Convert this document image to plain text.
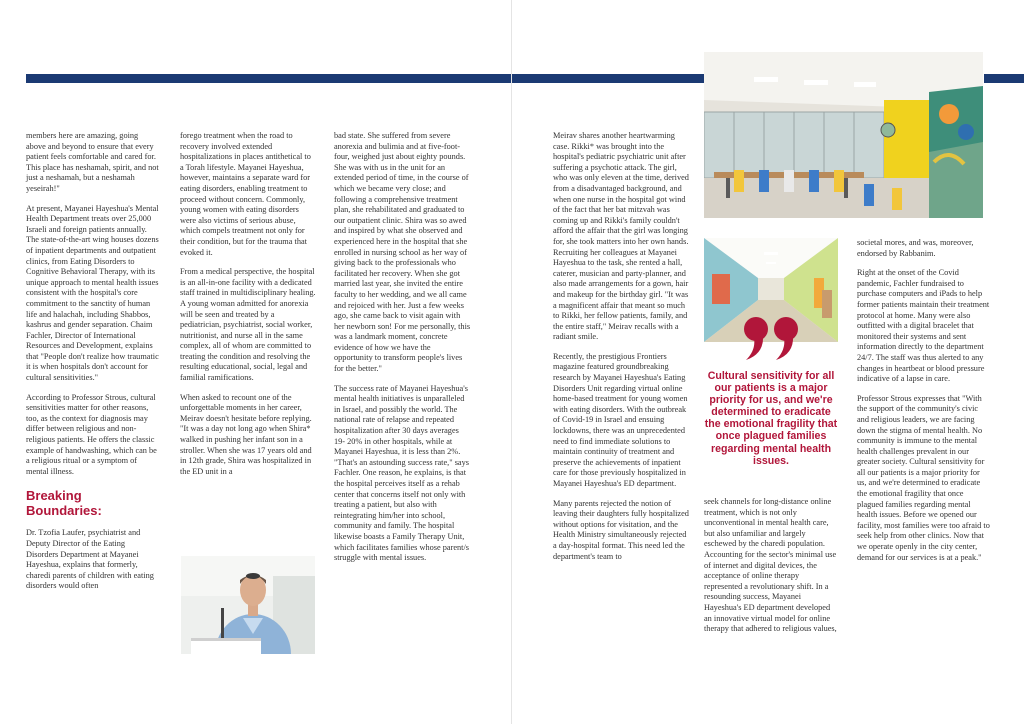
members here are amazing, going above and beyond to ensure that every patient feels comfortable and cared for. This place has neshamah, spirit, and not just a neshamah, but a neshamah yeseirah!"

At present, Mayanei Hayeshua's Mental Health Department treats over 25,000 Israeli and foreign patients annually. The state-of-the-art wing houses dozens of inpatient departments and outpatient clinics, from Eating Disorders to Cognitive Behavioral Therapy, with its unique approach to mental health issues consistent with the hospital's core commitment to the sanctity of human life and halachah, including Shabbos, kashrus and gender separation. Chaim Fachler, Director of International Resources and Development, explains that "People don't realize how traumatic it is when hospitals don't account for cultural sensitivities."

According to Professor Strous, cultural sensitivities matter for other reasons, too, as the context for diagnosis may differ between religious and non-religious patients. He offers the classic example of handwashing, which can be a religious ritual or a symptom of mental illness.

Breaking Boundaries:

Dr. Tzofia Laufer, psychiatrist and Deputy Director of the Eating Disorders Department at Mayanei Hayeshua, explains that formerly, charedi parents of children with eating disorders would often

forego treatment when the road to recovery involved extended hospitalizations in places antithetical to a Torah lifestyle. Mayanei Hayeshua, however, maintains a separate ward for eating disorders, enabling treatment to proceed without concern. Commonly, young women with eating disorders were also victims of serious abuse, which compels treatment not only for their condition, but for the trauma that evoked it.

From a medical perspective, the hospital is an all-in-one facility with a dedicated staff trained in multidisciplinary healing. A young woman admitted for anorexia will be seen and treated by a pediatrician, psychiatrist, social worker, nutritionist, and nurse all in the same complex, all of whom are committed to treating the condition and resolving the resulting educational, social, legal and familial ramifications.

When asked to recount one of the unforgettable moments in her career, Meirav doesn't hesitate before replying. "It was a day not long ago when Shira* walked in pushing her infant son in a stroller. When she was 17 years old and in 12th grade, Shira was hospitalized in the ED unit in a

bad state. She suffered from severe anorexia and bulimia and at five-foot-four, weighed just about eighty pounds. She was with us in the unit for an extended period of time, in the course of which we became very close; and following a comprehensive treatment plan, she rehabilitated and graduated to our outpatient clinic. Shira was so awed and inspired by what she observed and experienced here in the hospital that she enrolled in nursing school as her way of giving back to the professionals who facilitated her recovery. When she got married last year, she invited the entire faculty to her wedding, and we all came and rejoiced with her. Just a few weeks ago, she came back to visit again with her newborn son! For me personally, this was a landmark moment, concrete evidence of how we have the opportunity to transform people's lives for the better."

The success rate of Mayanei Hayeshua's mental health initiatives is unparalleled in Israel, and possibly the world. The national rate of relapse and repeated hospitalization after 30 days averages 19- 20% in other hospitals, while at Mayanei Hayeshua, it is less than 2%. "That's an astounding success rate," says Fachler. One reason, he explains, is that the hospital perceives itself as a rehab center that concerns itself not only with treating a patient, but also with reintegrating him/her into school, community and family. The hospital likewise boasts a Family Therapy Unit, which facilitates families whose parent/s struggle with mental issues.

Meirav shares another heartwarming case. Rikki* was brought into the hospital's pediatric psychiatric unit after suffering a psychotic attack. The girl, who was only eleven at the time, derived from a disadvantaged background, and when one nurse in the hospital got wind of the fact that her bat mitzvah was coming up and Rikki's family couldn't afford the affair that the girl was longing for, she took matters into her own hands. Recruiting her colleagues at Mayanei Hayeshua to the task, she rented a hall, caterer, musician and party-planner, and also made arrangements for a gown, hair and makeup for the birthday girl. "It was a magnificent affair that meant so much to Rikki, her fellow patients, family, and the entire staff," Meirav recalls with a radiant smile.

Recently, the prestigious Frontiers magazine featured groundbreaking research by Mayanei Hayeshua's Eating Disorders Unit regarding virtual online home-based treatment for young women with eating disorders. With the outbreak of Covid-19 in Israel and ensuing lockdowns, there was an unprecedented need to find immediate solutions to maintain continuity of treatment and preserve the achievements of inpatient care for those previously hospitalized in Mayanei Hayeshua's ED department.

Many parents rejected the notion of leaving their daughters fully hospitalized without options for visitation, and the Health Ministry simultaneously rejected a day-hospital format. This need led the department's team to

Cultural sensitivity for all our patients is a major priority for us, and we're determined to eradicate the emotional fragility that once plagued families regarding mental health issues.

seek channels for long-distance online treatment, which is not only unconventional in mental health care, but also unfamiliar and largely eschewed by the charedi population. Accounting for the sector's minimal use of internet and digital devices, the acceptance of online therapy represented a revolutionary shift. In a resounding success, Mayanei Hayeshua's ED department developed an innovative virtual model for online therapy that adhered to religious values,

societal mores, and was, moreover, endorsed by Rabbanim.

Right at the onset of the Covid pandemic, Fachler fundraised to purchase computers and iPads to help former patients maintain their treatment protocol at home. Many were also outfitted with a digital bracelet that monitored their systems and sent information directly to the department 24/7. The staff was thus alerted to any changes in heartbeat or blood pressure indicative of a lapse in care.

Professor Strous expresses that "With the support of the community's civic and religious leaders, we are facing down the stigma of mental health. No community is immune to the mental health challenges prevalent in our greater society. Cultural sensitivity for all our patients is a major priority for us, and we're determined to eradicate the emotional fragility that once plagued families regarding mental health issues. Before we opened our facility, most families were too afraid to seek help from other clinics. Now that we operate openly in the city center, demand for our services is at a peak."
